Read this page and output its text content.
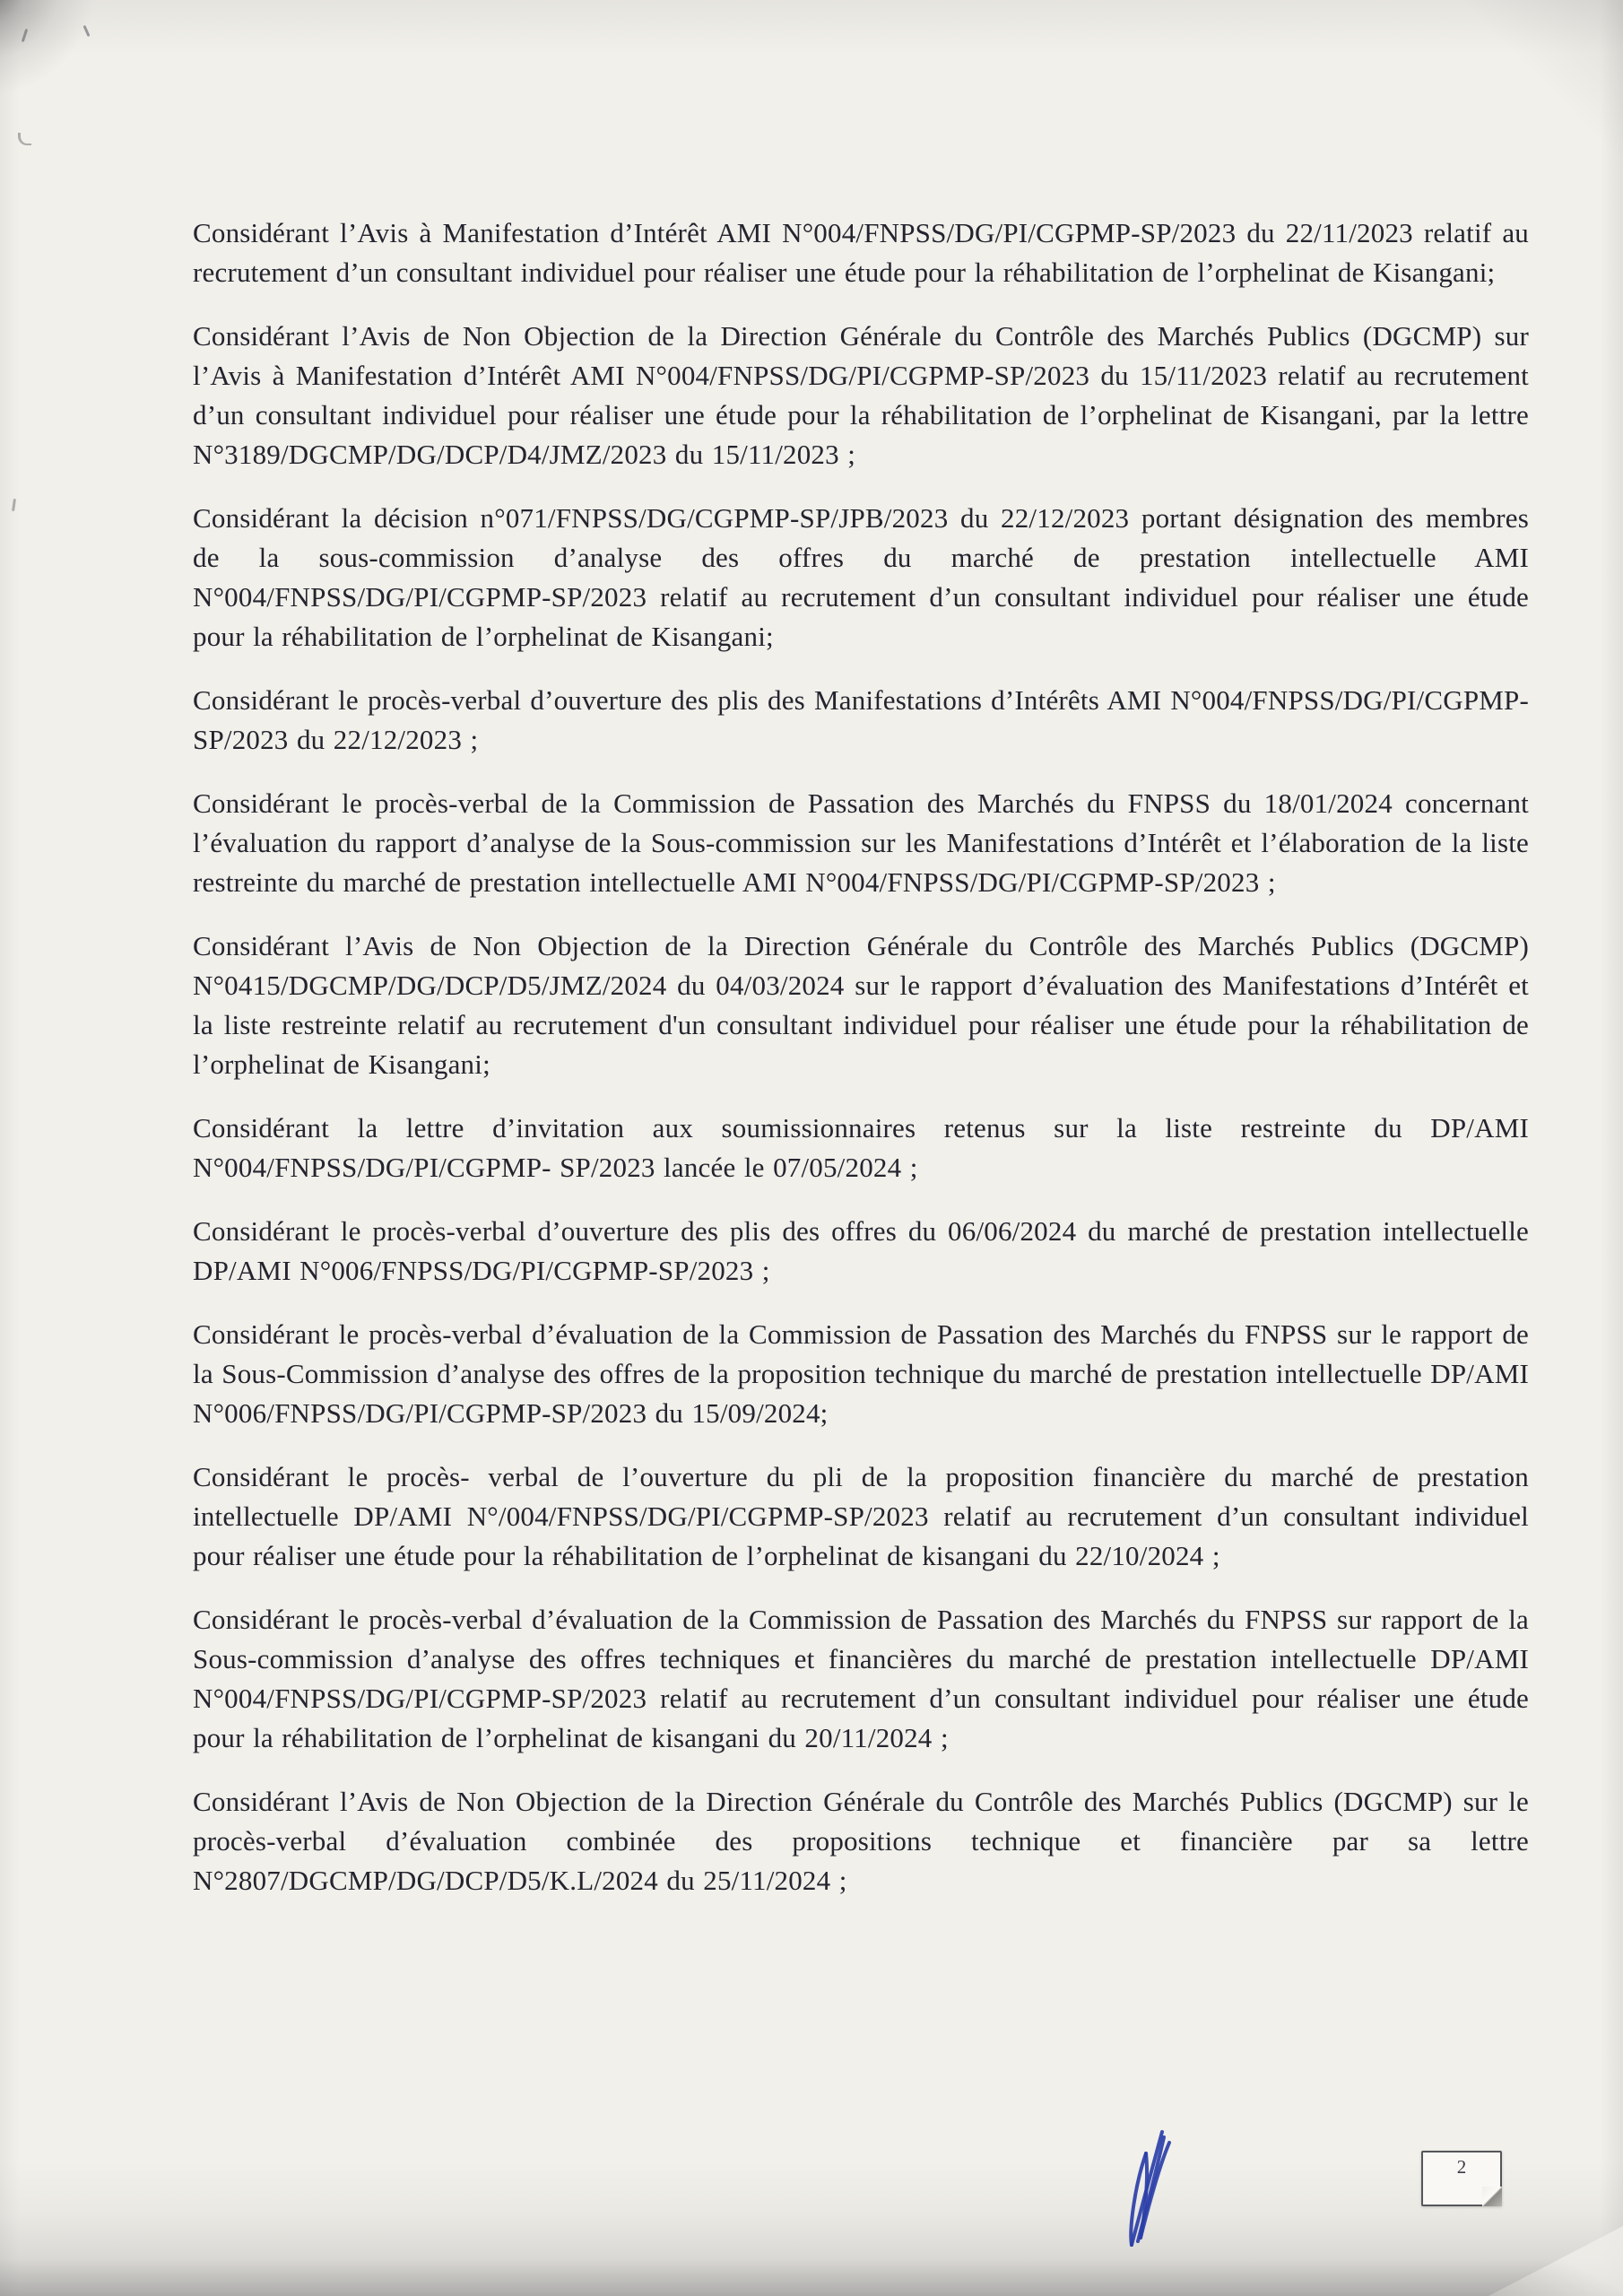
Considérant l’Avis à Manifestation d’Intérêt AMI N°004/FNPSS/DG/PI/CGPMP-SP/2023 du 22/11/2023 relatif au recrutement d’un consultant individuel pour réaliser une étude pour la réhabilitation de l’orphelinat de Kisangani;

Considérant l’Avis de Non Objection de la Direction Générale du Contrôle des Marchés Publics (DGCMP) sur l’Avis à Manifestation d’Intérêt AMI N°004/FNPSS/DG/PI/CGPMP-SP/2023 du 15/11/2023 relatif au recrutement d’un consultant individuel pour réaliser une étude pour la réhabilitation de l’orphelinat de Kisangani, par la lettre N°3189/DGCMP/DG/DCP/D4/JMZ/2023 du 15/11/2023 ;

Considérant la décision n°071/FNPSS/DG/CGPMP-SP/JPB/2023 du 22/12/2023 portant désignation des membres de la sous-commission d’analyse des offres du marché de prestation intellectuelle AMI N°004/FNPSS/DG/PI/CGPMP-SP/2023 relatif au recrutement d’un consultant individuel pour réaliser une étude pour la réhabilitation de l’orphelinat de Kisangani;

Considérant le procès-verbal d’ouverture des plis des Manifestations d’Intérêts AMI N°004/FNPSS/DG/PI/CGPMP-SP/2023 du 22/12/2023 ;

Considérant le procès-verbal de la Commission de Passation des Marchés du FNPSS du 18/01/2024 concernant l’évaluation du rapport d’analyse de la Sous-commission sur les Manifestations d’Intérêt et l’élaboration de la liste restreinte du marché de prestation intellectuelle AMI N°004/FNPSS/DG/PI/CGPMP-SP/2023 ;

Considérant l’Avis de Non Objection de la Direction Générale du Contrôle des Marchés Publics (DGCMP) N°0415/DGCMP/DG/DCP/D5/JMZ/2024 du 04/03/2024 sur le rapport d’évaluation des Manifestations d’Intérêt et la liste restreinte relatif au recrutement d'un consultant individuel pour réaliser une étude pour la réhabilitation de l’orphelinat de Kisangani;

Considérant la lettre d’invitation aux soumissionnaires retenus sur la liste restreinte du DP/AMI N°004/FNPSS/DG/PI/CGPMP- SP/2023 lancée le 07/05/2024 ;

Considérant le procès-verbal d’ouverture des plis des offres du 06/06/2024 du marché de prestation intellectuelle DP/AMI N°006/FNPSS/DG/PI/CGPMP-SP/2023 ;

Considérant le procès-verbal d’évaluation de la Commission de Passation des Marchés du FNPSS sur le rapport de la Sous-Commission d’analyse des offres de la proposition technique du marché de prestation intellectuelle DP/AMI N°006/FNPSS/DG/PI/CGPMP-SP/2023 du 15/09/2024;

Considérant le procès- verbal de l’ouverture du pli de la proposition financière du marché de prestation intellectuelle DP/AMI N°/004/FNPSS/DG/PI/CGPMP-SP/2023 relatif au recrutement d’un consultant individuel pour réaliser une étude pour la réhabilitation de l’orphelinat de kisangani du 22/10/2024 ;

Considérant le procès-verbal d’évaluation de la Commission de Passation des Marchés du FNPSS sur rapport de la Sous-commission d’analyse des offres techniques et financières du marché de prestation intellectuelle DP/AMI N°004/FNPSS/DG/PI/CGPMP-SP/2023 relatif au recrutement d’un consultant individuel pour réaliser une étude pour la réhabilitation de l’orphelinat de kisangani du 20/11/2024 ;

Considérant l’Avis de Non Objection de la Direction Générale du Contrôle des Marchés Publics (DGCMP) sur le procès-verbal d’évaluation combinée des propositions technique et financière par sa lettre N°2807/DGCMP/DG/DCP/D5/K.L/2024 du 25/11/2024 ;

2
